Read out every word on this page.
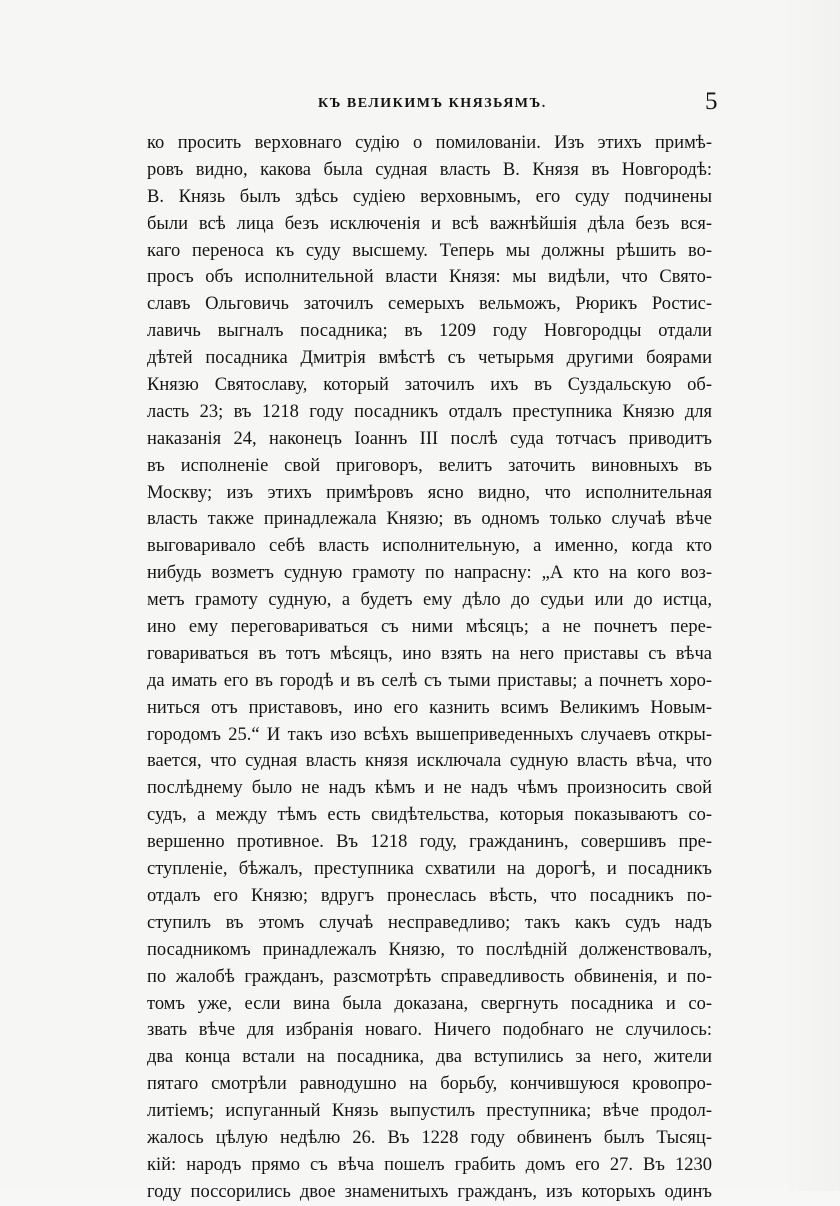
КЪ ВЕЛИКИМЪ КНЯЗЬЯМЪ.	5
ко просить верховнаго судію о помилованіи. Изъ этихъ примѣ-
ровъ видно, какова была судная власть В. Князя въ Новгородѣ:
В. Князь былъ здѣсь судіею верховнымъ, его суду подчинены
были всѣ лица безъ исключенія и всѣ важнѣйшія дѣла безъ вся-
каго переноса къ суду высшему. Теперь мы должны рѣшить во-
просъ объ исполнительной власти Князя: мы видѣли, что Свято-
славъ Ольговичь заточилъ семерыхъ вельможъ, Рюрикъ Ростис-
лавичь выгналъ посадника; въ 1209 году Новгородцы отдали
дѣтей посадника Дмитрія вмѣстѣ съ четырьмя другими боярами
Князю Святославу, который заточилъ ихъ въ Суздальскую об-
ласть 23; въ 1218 году посадникъ отдалъ преступника Князю для
наказанія 24, наконецъ Іоаннъ III послѣ суда тотчасъ приводитъ
въ исполненіе свой приговоръ, велитъ заточить виновныхъ въ
Москву; изъ этихъ примѣровъ ясно видно, что исполнительная
власть также принадлежала Князю; въ одномъ только случаѣ вѣче
выговаривало себѣ власть исполнительную, а именно, когда кто
нибудь возметъ судную грамоту по напрасну: „А кто на кого воз-
метъ грамоту судную, а будетъ ему дѣло до судьи или до истца,
ино ему переговариваться съ ними мѣсяцъ; а не почнетъ пере-
говариваться въ тотъ мѣсяцъ, ино взять на него приставы съ вѣча
да имать его въ городѣ и въ селѣ съ тыми приставы; а почнетъ хоро-
ниться отъ приставовъ, ино его казнить всимъ Великимъ Новым-
городомъ 25.“ И такъ изо всѣхъ вышеприведенныхъ случаевъ откры-
вается, что судная власть князя исключала судную власть вѣча, что
послѣднему было не надъ кѣмъ и не надъ чѣмъ произносить свой
судъ, а между тѣмъ есть свидѣтельства, которыя показываютъ со-
вершенно противное. Въ 1218 году, гражданинъ, совершивъ пре-
ступленіе, бѣжалъ, преступника схватили на дорогѣ, и посадникъ
отдалъ его Князю; вдругъ пронеслась вѣсть, что посадникъ по-
ступилъ въ этомъ случаѣ несправедливо; такъ какъ судъ надъ
посадникомъ принадлежалъ Князю, то послѣдній долженствовалъ,
по жалобѣ гражданъ, разсмотрѣть справедливость обвиненія, и по-
томъ уже, если вина была доказана, свергнуть посадника и со-
звать вѣче для избранія новаго. Ничего подобнаго не случилось:
два конца встали на посадника, два вступились за него, жители
пятаго смотрѣли равнодушно на борьбу, кончившуюся кровопро-
литіемъ; испуганный Князь выпустилъ преступника; вѣче продол-
жалось цѣлую недѣлю 26. Въ 1228 году обвиненъ былъ Тысяц-
кій: народъ прямо съ вѣча пошелъ грабить домъ его 27. Въ 1230
году поссорились двое знаменитыхъ гражданъ, изъ которыхъ одинъ
